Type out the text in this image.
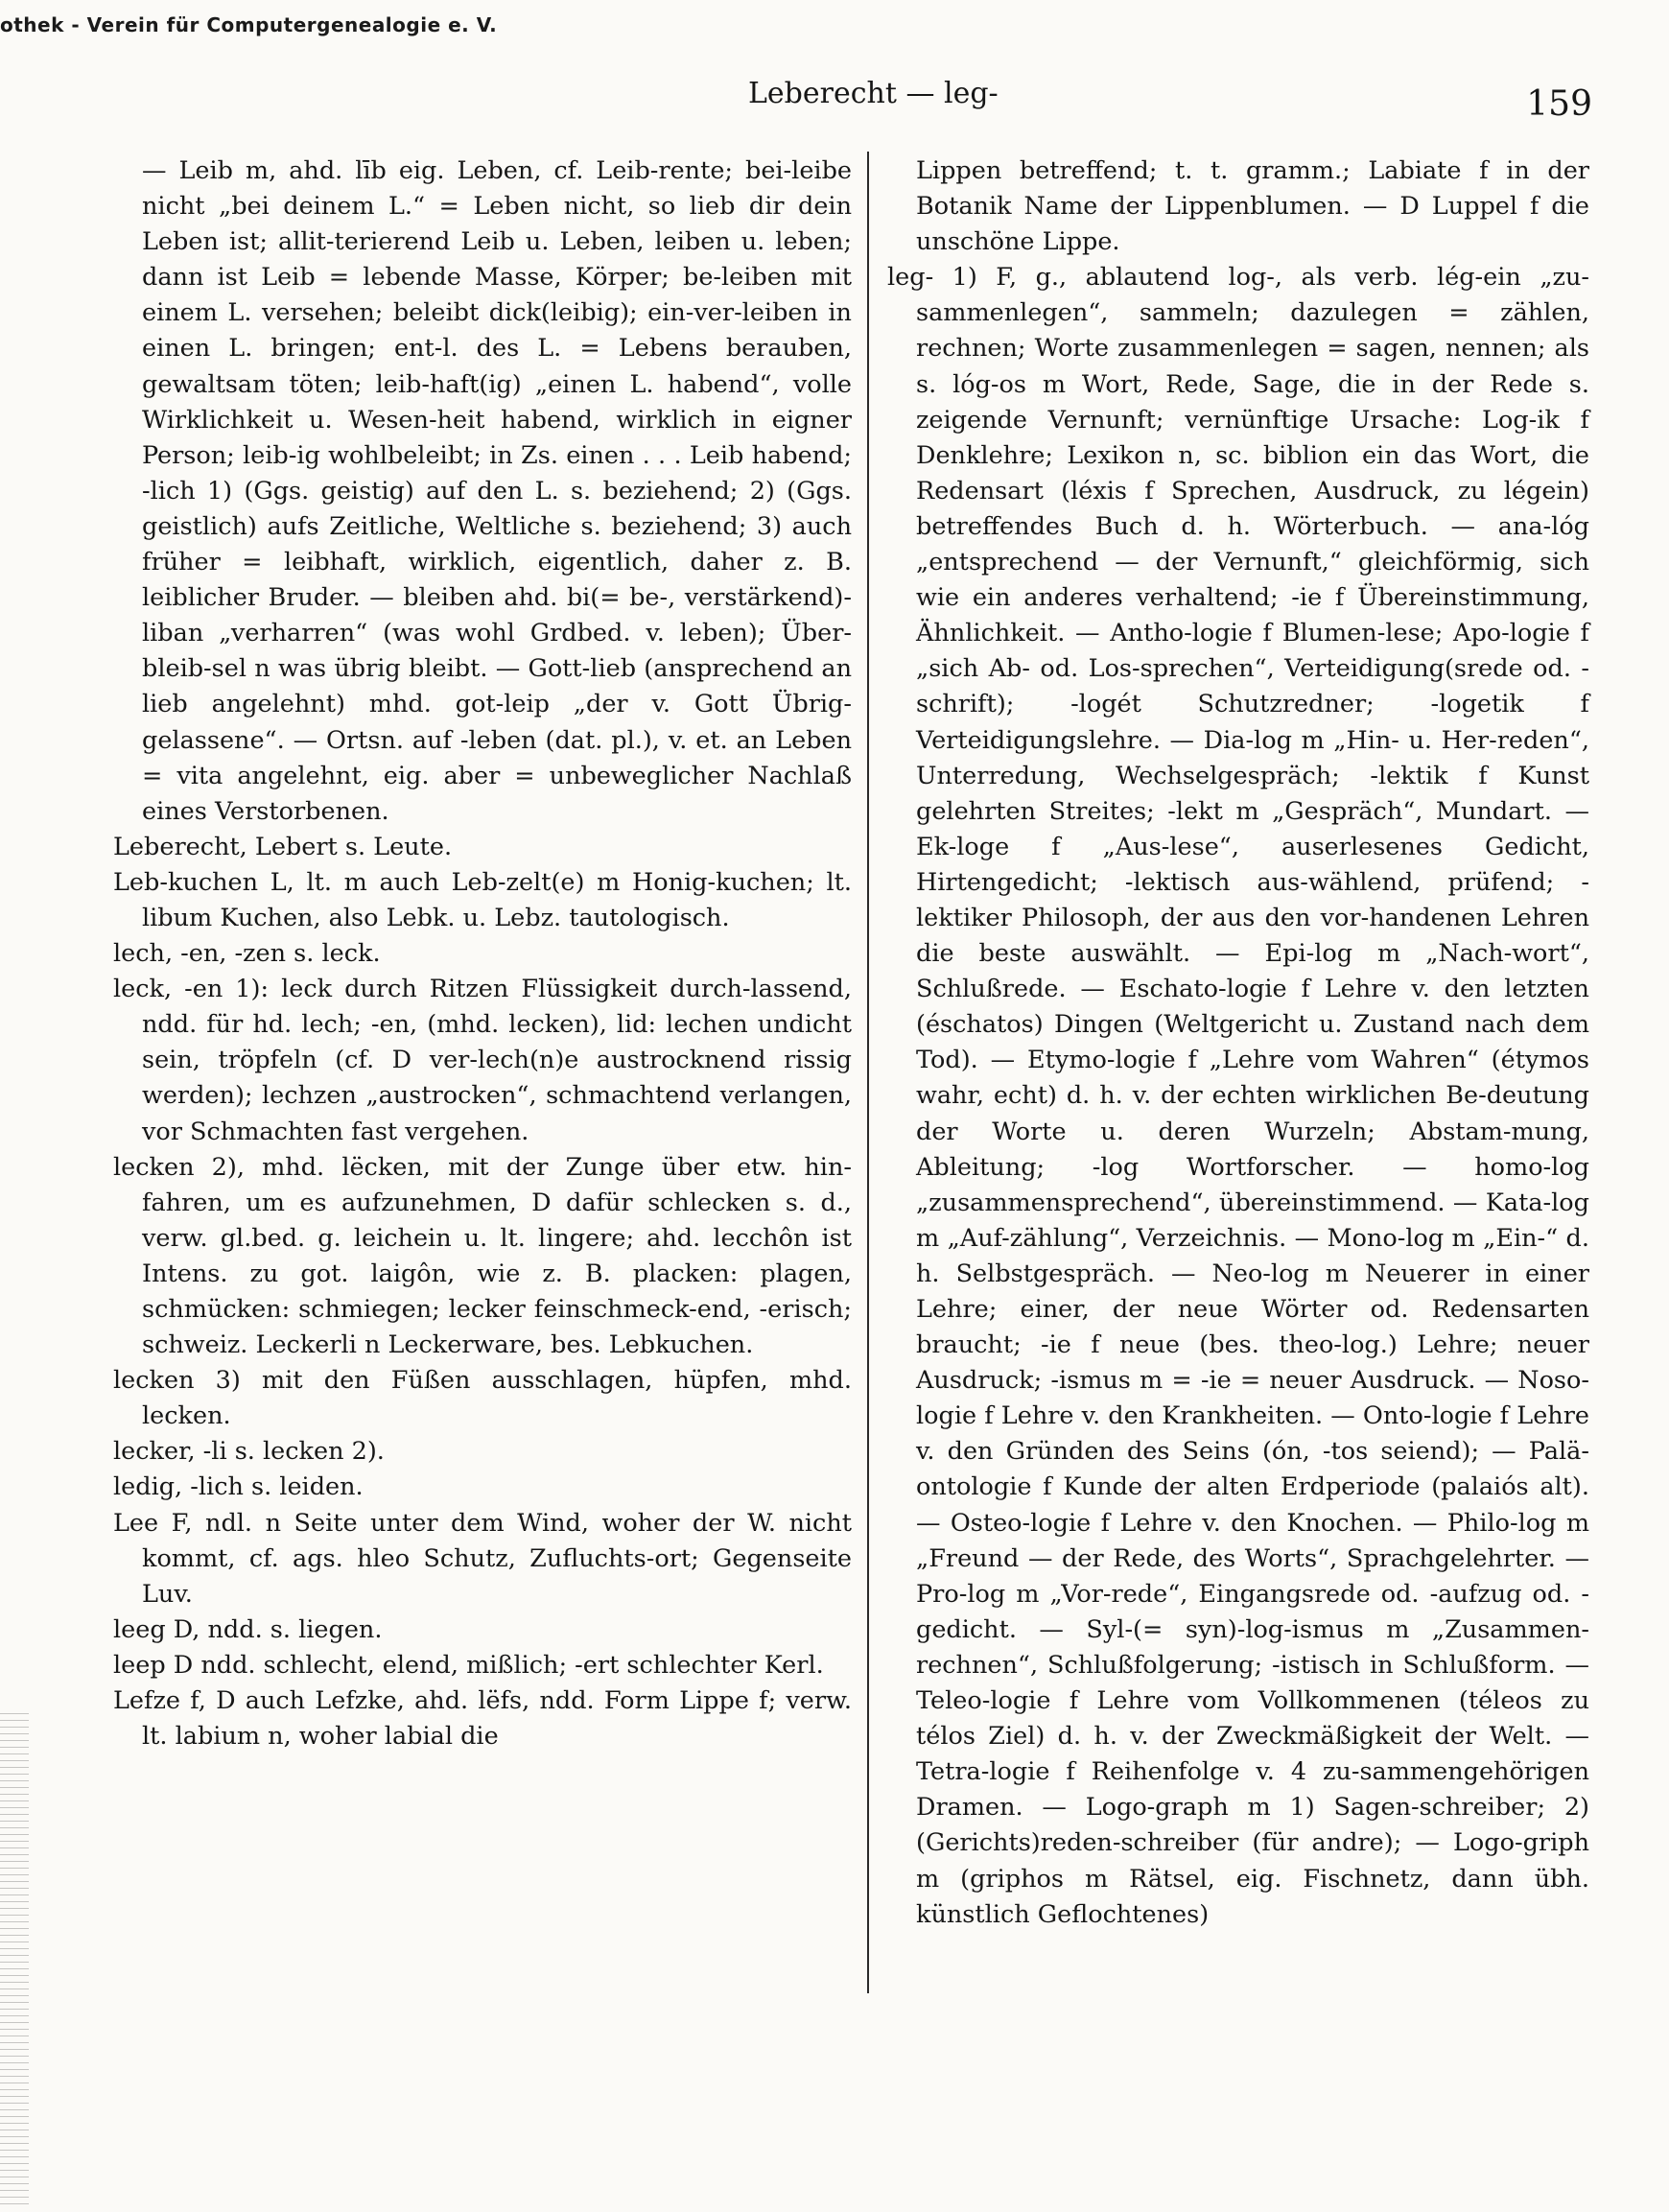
othek - Verein für Computergenealogie e. V.
Leberecht — leg-	159

— Leib m, ahd. līb eig. Leben, cf. Leib-rente; bei-leibe nicht „bei deinem L.“ = Leben nicht, so lieb dir dein Leben ist; allit-terierend Leib u. Leben, leiben u. leben; dann ist Leib = lebende Masse, Körper; be-leiben mit einem L. versehen; beleibt dick(leibig); ein-ver-leiben in einen L. bringen; ent-l. des L. = Lebens berauben, gewaltsam töten; leib-haft(ig) „einen L. habend“, volle Wirklichkeit u. Wesen-heit habend, wirklich in eigner Person; leib-ig wohlbeleibt; in Zs. einen . . . Leib habend; -lich 1) (Ggs. geistig) auf den L. s. beziehend; 2) (Ggs. geistlich) aufs Zeitliche, Weltliche s. beziehend; 3) auch früher = leibhaft, wirklich, eigentlich, daher z. B. leiblicher Bruder. — bleiben ahd. bi(= be-, verstärkend)-liban „verharren“ (was wohl Grdbed. v. leben); Über-bleib-sel n was übrig bleibt. — Gott-lieb (ansprechend an lieb angelehnt) mhd. got-leip „der v. Gott Übrig-gelassene“. — Ortsn. auf -leben (dat. pl.), v. et. an Leben = vita angelehnt, eig. aber = unbeweglicher Nachlaß eines Verstorbenen.

Leberecht, Lebert s. Leute.

Leb-kuchen L, lt. m auch Leb-zelt(e) m Honig-kuchen; lt. libum Kuchen, also Lebk. u. Lebz. tautologisch.

lech, -en, -zen s. leck.

leck, -en 1): leck durch Ritzen Flüssigkeit durch-lassend, ndd. für hd. lech; -en, (mhd. lecken), lid: lechen undicht sein, tröpfeln (cf. D ver-lech(n)e austrocknend rissig werden); lechzen „austrocken“, schmachtend verlangen, vor Schmachten fast vergehen.

lecken 2), mhd. lëcken, mit der Zunge über etw. hin-fahren, um es aufzunehmen, D dafür schlecken s. d., verw. gl.bed. g. leichein u. lt. lingere; ahd. lecchôn ist Intens. zu got. laigôn, wie z. B. placken: plagen, schmücken: schmiegen; lecker feinschmeck-end, -erisch; schweiz. Leckerli n Leckerware, bes. Lebkuchen.

lecken 3) mit den Füßen ausschlagen, hüpfen, mhd. lecken.

lecker, -li s. lecken 2).

ledig, -lich s. leiden.

Lee F, ndl. n Seite unter dem Wind, woher der W. nicht kommt, cf. ags. hleo Schutz, Zufluchts-ort; Gegenseite Luv.

leeg D, ndd. s. liegen.

leep D ndd. schlecht, elend, mißlich; -ert schlechter Kerl.

Lefze f, D auch Lefzke, ahd. lëfs, ndd. Form Lippe f; verw. lt. labium n, woher labial die

Lippen betreffend; t. t. gramm.; Labiate f in der Botanik Name der Lippenblumen. — D Luppel f die unschöne Lippe.

leg- 1) F, g., ablautend log-, als verb. lég-ein „zu-sammenlegen“, sammeln; dazulegen = zählen, rechnen; Worte zusammenlegen = sagen, nennen; als s. lóg-os m Wort, Rede, Sage, die in der Rede s. zeigende Vernunft; vernünftige Ursache: Log-ik f Denklehre; Lexikon n, sc. biblion ein das Wort, die Redensart (léxis f Sprechen, Ausdruck, zu légein) betreffendes Buch d. h. Wörterbuch. — ana-lóg „entsprechend — der Vernunft,“ gleichförmig, sich wie ein anderes verhaltend; -ie f Übereinstimmung, Ähnlichkeit. — Antho-logie f Blumen-lese; Apo-logie f „sich Ab- od. Los-sprechen“, Verteidigung(srede od. -schrift); -logét Schutzredner; -logetik f Verteidigungslehre. — Dia-log m „Hin- u. Her-reden“, Unterredung, Wechselgespräch; -lektik f Kunst gelehrten Streites; -lekt m „Gespräch“, Mundart. — Ek-loge f „Aus-lese“, auserlesenes Gedicht, Hirtengedicht; -lektisch aus-wählend, prüfend; -lektiker Philosoph, der aus den vor-handenen Lehren die beste auswählt. — Epi-log m „Nach-wort“, Schlußrede. — Eschato-logie f Lehre v. den letzten (éschatos) Dingen (Weltgericht u. Zustand nach dem Tod). — Etymo-logie f „Lehre vom Wahren“ (étymos wahr, echt) d. h. v. der echten wirklichen Be-deutung der Worte u. deren Wurzeln; Abstam-mung, Ableitung; -log Wortforscher. — homo-log „zusammensprechend“, übereinstimmend. — Kata-log m „Auf-zählung“, Verzeichnis. — Mono-log m „Ein-“ d. h. Selbstgespräch. — Neo-log m Neuerer in einer Lehre; einer, der neue Wörter od. Redensarten braucht; -ie f neue (bes. theo-log.) Lehre; neuer Ausdruck; -ismus m = -ie = neuer Ausdruck. — Noso-logie f Lehre v. den Krankheiten. — Onto-logie f Lehre v. den Gründen des Seins (ón, -tos seiend); — Palä-ontologie f Kunde der alten Erdperiode (palaiós alt). — Osteo-logie f Lehre v. den Knochen. — Philo-log m „Freund — der Rede, des Worts“, Sprachgelehrter. — Pro-log m „Vor-rede“, Eingangsrede od. -aufzug od. -gedicht. — Syl-(= syn)-log-ismus m „Zusammen-rechnen“, Schlußfolgerung; -istisch in Schlußform. — Teleo-logie f Lehre vom Vollkommenen (téleos zu télos Ziel) d. h. v. der Zweckmäßigkeit der Welt. — Tetra-logie f Reihenfolge v. 4 zu-sammengehörigen Dramen. — Logo-graph m 1) Sagen-schreiber; 2) (Gerichts)reden-schreiber (für andre); — Logo-griph m (griphos m Rätsel, eig. Fischnetz, dann übh. künstlich Geflochtenes)
